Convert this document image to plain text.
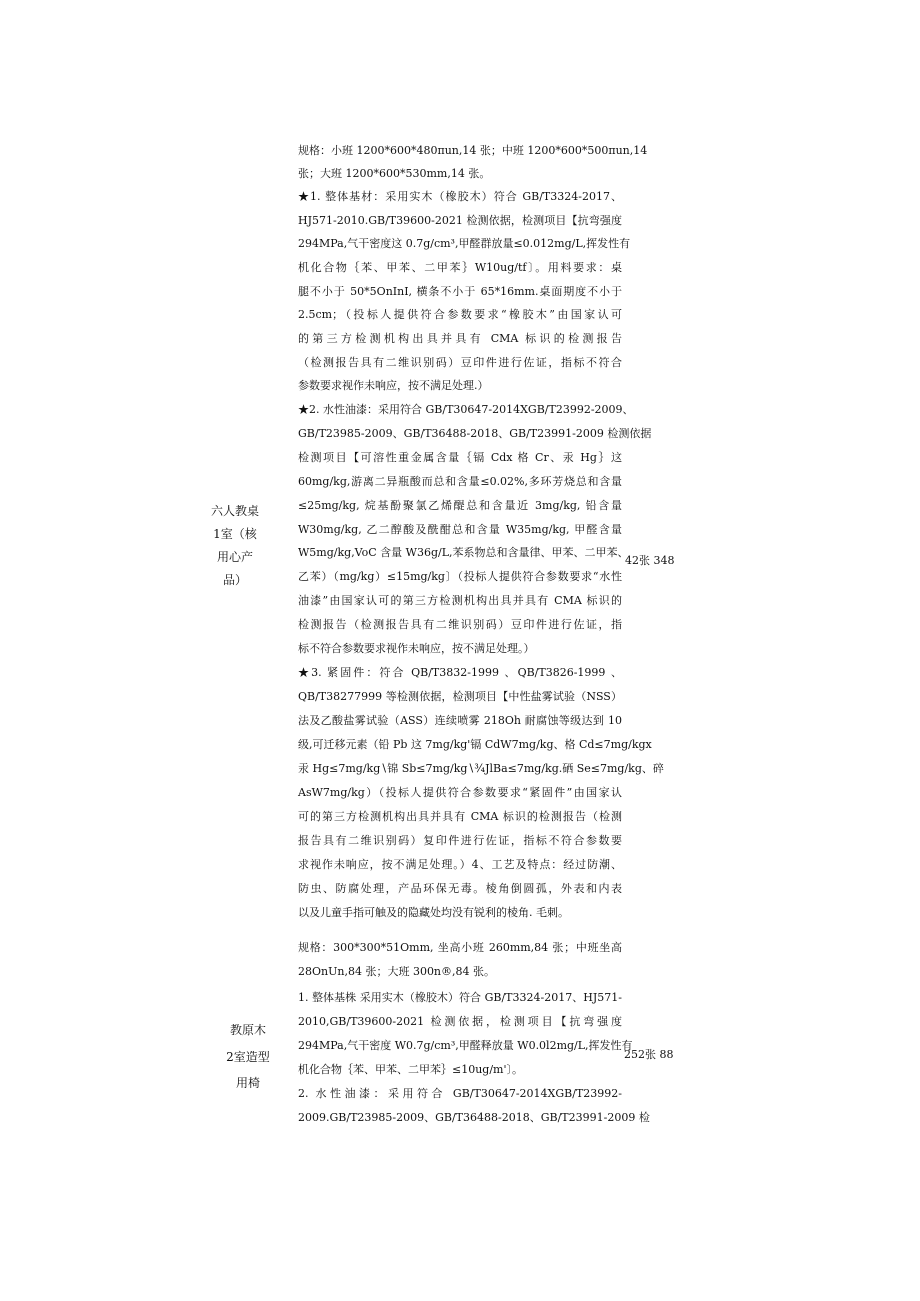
六人教桌
1室（核
用心产
品）
42张 348
规格：小班 1200*600*480πun,14 张；中班 1200*600*500πun,14
张；大班 1200*600*530mm,14 张。
★1. 整体基材：采用实木（橡胶木）符合 GB/T3324-2017、
HJ571-2010.GB/T39600-2021 检测依据，检测项目【抗弯强度
294MPa,气干密度这 0.7g∕cm³,甲醛群放量≤0.012mg∕L,挥发性有
机化合物｛苯、甲苯、二甲苯｝W10ug∕tf〕。用料要求：桌
腿不小于 50*5OnInI, 横条不小于 65*16mm.桌面期度不小于
2.5cm；（投标人提供符合参数要求“橡胶木”由国家认可
的第三方检测机构出具并具有 CMA 标识的检测报告
（检测报告具有二维识别码）豆印件进行佐证，指标不符合
参数要求视作未响应，按不满足处理.）
★2. 水性油漆：采用符合 GB/T30647-2014XGB/T23992-2009、
GB/T23985-2009、GB/T36488-2018、GB/T23991-2009 检测依据
检测项目【可溶性重金属含量｛镉 Cdx 格 Cr、汞 Hg｝这
60mg∕kg,游离二异瓶酸而总和含量≤0.02%,多环芳烧总和含量
≤25mg∕kg, 烷基酚聚氯乙烯醍总和含量近 3mg∕kg, 铅含量
W30mg∕kg, 乙二醇酸及酰酣总和含量 W35mg∕kg, 甲醛含量
W5mg∕kg,VoC 含量 W36g∕L,苯系物总和含量律、甲苯、二甲苯、
乙苯）（mg∕kg）≤15mg∕kg〕（投标人提供符合参数要求“水性
油漆”由国家认可的第三方检测机构出具并具有 CMA 标识的
检测报告（检测报告具有二维识别码）豆印件进行佐证，指
标不符合参数要求视作未响应，按不满足处理。）
★3. 紧固件：符合 QB/T3832-1999 、QB/T3826-1999 、
QB/T38277999 等检测依据，检测项目【中性盐雾试验（NSS）
法及乙酸盐雾试验（ASS）连续喷雾 218Oh 耐腐蚀等级达到 10
级,可迁移元素（铅 Pb 这 7mg∕kg'镉 CdW7mg/kg、格 Cd≤7mg∕kgx
汞 Hg≤7mg∕kg∖锦 Sb≤7mg∕kg∖¾JlBa≤7mg∕kg.硒 Se≤7mg∕kg、碎
AsW7mg∕kg）（投标人提供符合参数要求“紧固件”由国家认
可的第三方检测机构出具并具有 CMA 标识的检测报告（检测
报告具有二维识别码）复印件进行佐证，指标不符合参数要
求视作未响应，按不满足处理。）4、工艺及特点：经过防潮、
防虫、防腐处理，产品环保无毒。棱角倒圆孤，外表和内表
以及儿童手指可触及的隐藏处均没有锐利的棱角. 毛刺。
教原木
2室造型
用椅
252张 88
规格：300*300*51Omm, 坐高小班 260mm,84 张；中班坐高
28OnUn,84 张；大班 300n®,84 张。
1. 整体基株 采用实木（橡胶木）符合 GB/T3324-2017、HJ571-
2010,GB/T39600-2021 检测依据，检测项目【抗弯强度
294MPa,气干密度 W0.7g∕cm³,甲醛释放量 W0.0l2mg∕L,挥发性有
机化合物｛苯、甲苯、二甲苯｝≤10ug∕m'〕。
2. 水性油漆：采用符合 GB/T30647-2014XGB/T23992-
2009.GB/T23985-2009、GB/T36488-2018、GB/T23991-2009 检
